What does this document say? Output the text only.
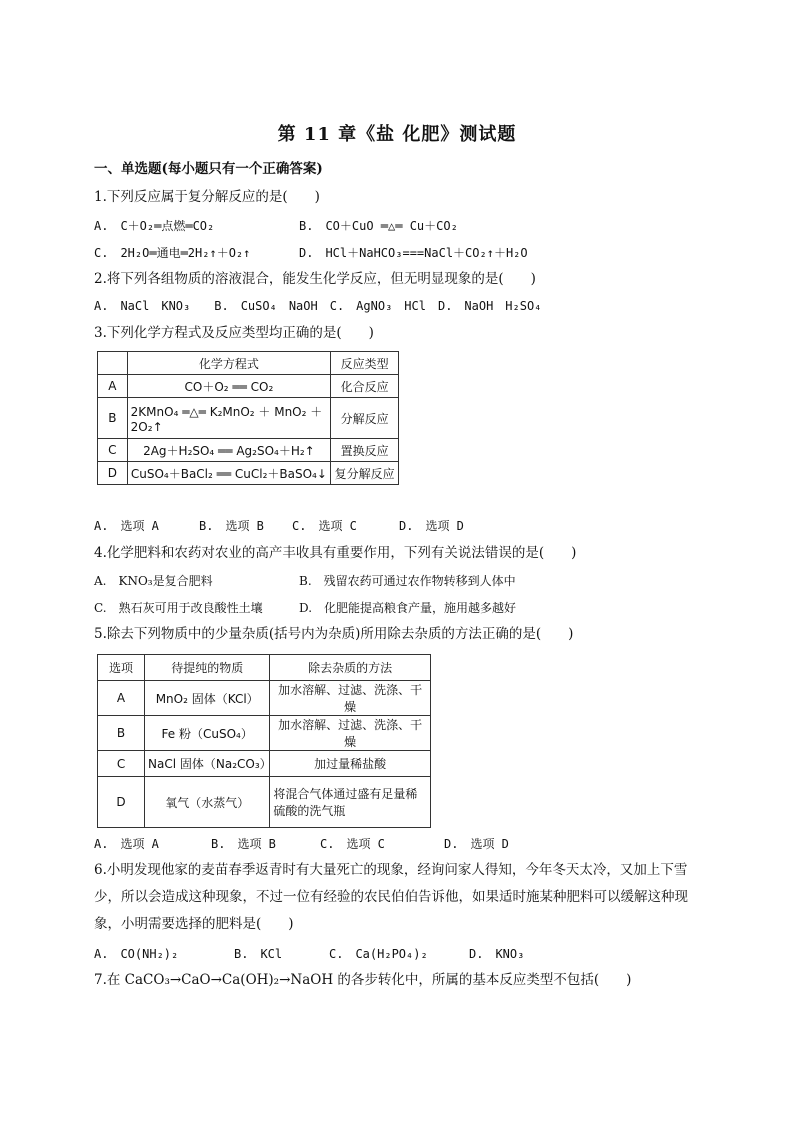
第 11 章《盐 化肥》测试题
一、单选题(每小题只有一个正确答案)
1.下列反应属于复分解反应的是(　　)
A.　C＋O₂═点燃═CO₂	B.　CO＋CuO ═△═ Cu＋CO₂
C.　2H₂O═通电═2H₂↑＋O₂↑	D.　HCl＋NaHCO₃===NaCl＋CO₂↑＋H₂O
2.将下列各组物质的溶液混合，能发生化学反应，但无明显现象的是(　　)
A.　NaCl　KNO₃　　B.　CuSO₄　NaOH　C.　AgNO₃　HCl　D.　NaOH　H₂SO₄
3.下列化学方程式及反应类型均正确的是(　　)
	化学方程式	反应类型
A	CO＋O₂ ══ CO₂	化合反应
B	2KMnO₄ ═△═ K₂MnO₂ ＋ MnO₂ ＋ 2O₂↑	分解反应
C	2Ag＋H₂SO₄ ══ Ag₂SO₄＋H₂↑	置换反应
D	CuSO₄＋BaCl₂ ══ CuCl₂＋BaSO₄↓	复分解反应
A.　选项 A	B.　选项 B C.　选项 C	D.　选项 D
4.化学肥料和农药对农业的高产丰收具有重要作用，下列有关说法错误的是(　　)
A.　KNO₃是复合肥料	B.　残留农药可通过农作物转移到人体中
C.　熟石灰可用于改良酸性土壤	D.　化肥能提高粮食产量，施用越多越好
5.除去下列物质中的少量杂质(括号内为杂质)所用除去杂质的方法正确的是(　　)
选项	待提纯的物质	除去杂质的方法
A	MnO₂ 固体（KCl）	加水溶解、过滤、洗涤、干燥
B	Fe 粉（CuSO₄）	加水溶解、过滤、洗涤、干燥
C	NaCl 固体（Na₂CO₃）	加过量稀盐酸
D	氧气（水蒸气）	将混合气体通过盛有足量稀硫酸的洗气瓶
A.　选项 A	B.　选项 B	C.　选项 C	D.　选项 D
6.小明发现他家的麦苗春季返青时有大量死亡的现象，经询问家人得知，今年冬天太冷，又加上下雪少，所以会造成这种现象，不过一位有经验的农民伯伯告诉他，如果适时施某种肥料可以缓解这种现象，小明需要选择的肥料是(　　)
A.　CO(NH₂)₂	B.　KCl	C.　Ca(H₂PO₄)₂	D.　KNO₃
7.在 CaCO₃→CaO→Ca(OH)₂→NaOH 的各步转化中，所属的基本反应类型不包括(　　)
